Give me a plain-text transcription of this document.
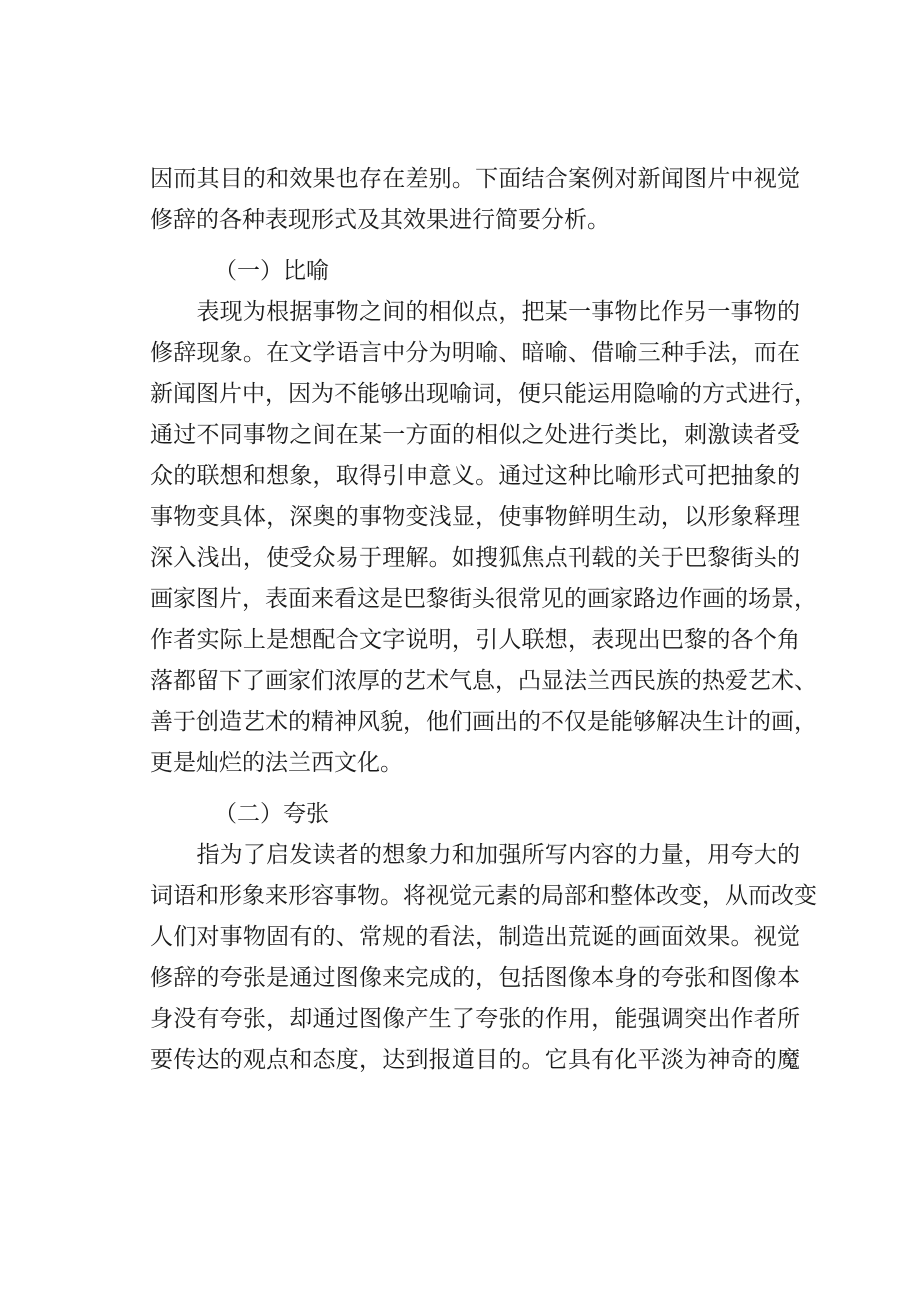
因而其目的和效果也存在差别。下面结合案例对新闻图片中视觉
修辞的各种表现形式及其效果进行简要分析。
（一）比喻
　　表现为根据事物之间的相似点，把某一事物比作另一事物的
修辞现象。在文学语言中分为明喻、暗喻、借喻三种手法，而在
新闻图片中，因为不能够出现喻词，便只能运用隐喻的方式进行，
通过不同事物之间在某一方面的相似之处进行类比，刺激读者受
众的联想和想象，取得引申意义。通过这种比喻形式可把抽象的
事物变具体，深奥的事物变浅显，使事物鲜明生动，以形象释理
深入浅出，使受众易于理解。如搜狐焦点刊载的关于巴黎街头的
画家图片，表面来看这是巴黎街头很常见的画家路边作画的场景，
作者实际上是想配合文字说明，引人联想，表现出巴黎的各个角
落都留下了画家们浓厚的艺术气息，凸显法兰西民族的热爱艺术、
善于创造艺术的精神风貌，他们画出的不仅是能够解决生计的画，
更是灿烂的法兰西文化。
（二）夸张
　　指为了启发读者的想象力和加强所写内容的力量，用夸大的
词语和形象来形容事物。将视觉元素的局部和整体改变，从而改变
人们对事物固有的、常规的看法，制造出荒诞的画面效果。视觉
修辞的夸张是通过图像来完成的，包括图像本身的夸张和图像本
身没有夸张，却通过图像产生了夸张的作用，能强调突出作者所
要传达的观点和态度，达到报道目的。它具有化平淡为神奇的魔
